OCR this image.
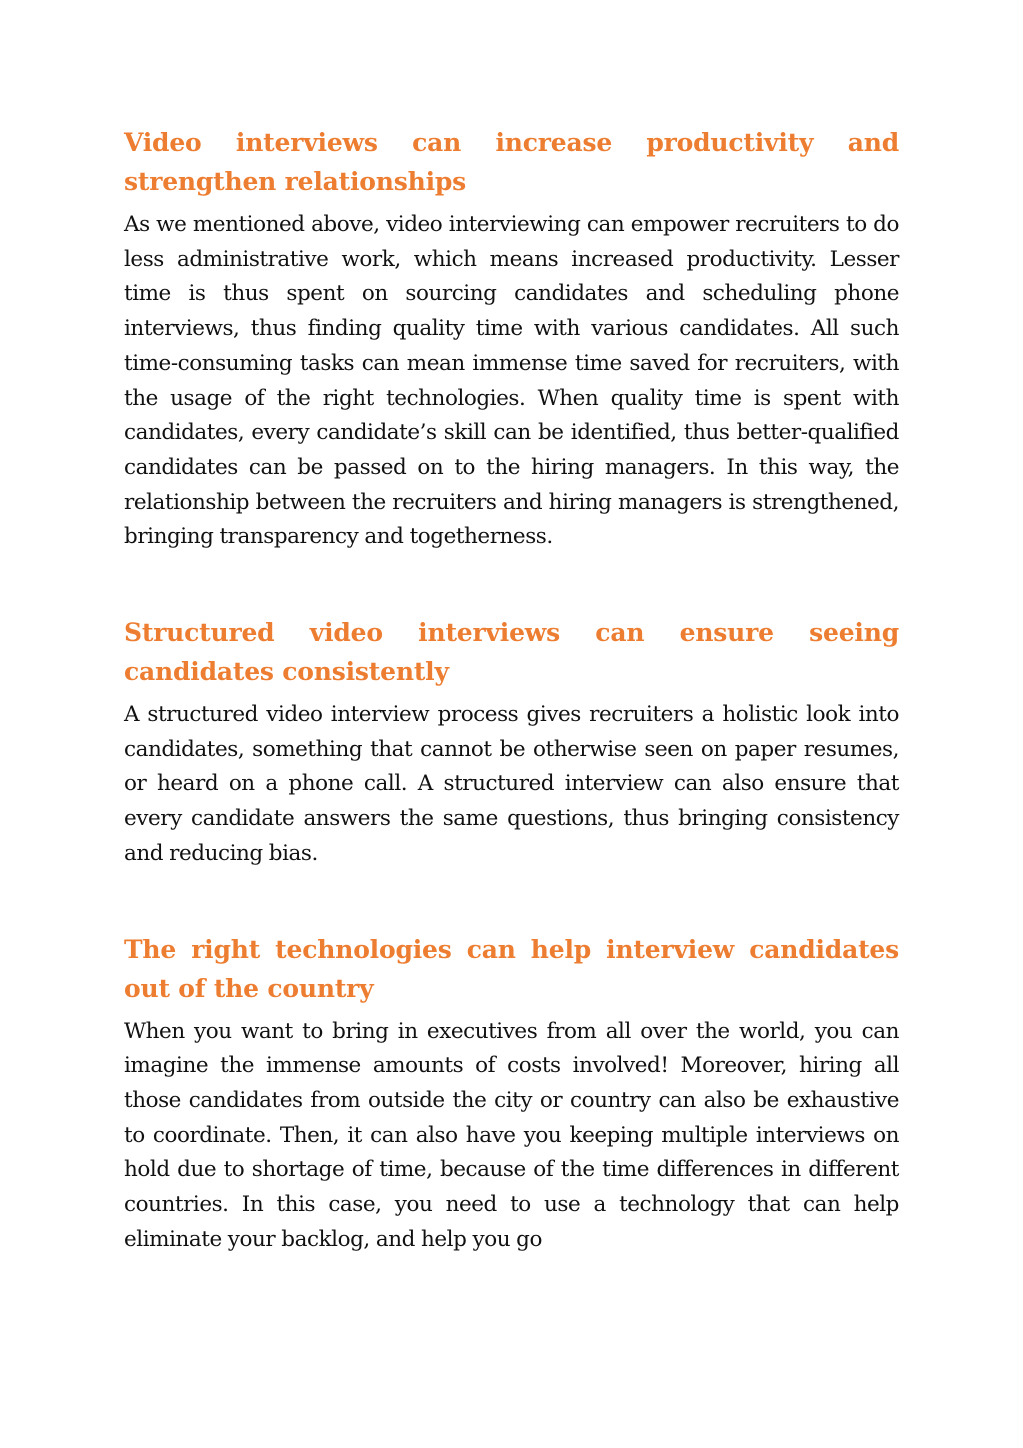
Video interviews can increase productivity and strengthen relationships

As we mentioned above, video interviewing can empower recruiters to do less administrative work, which means increased productivity. Lesser time is thus spent on sourcing candidates and scheduling phone interviews, thus finding quality time with various candidates. All such time-consuming tasks can mean immense time saved for recruiters, with the usage of the right technologies. When quality time is spent with candidates, every candidate’s skill can be identified, thus better-qualified candidates can be passed on to the hiring managers. In this way, the relationship between the recruiters and hiring managers is strengthened, bringing transparency and togetherness.

Structured video interviews can ensure seeing candidates consistently

A structured video interview process gives recruiters a holistic look into candidates, something that cannot be otherwise seen on paper resumes, or heard on a phone call. A structured interview can also ensure that every candidate answers the same questions, thus bringing consistency and reducing bias.

The right technologies can help interview candidates out of the country

When you want to bring in executives from all over the world, you can imagine the immense amounts of costs involved! Moreover, hiring all those candidates from outside the city or country can also be exhaustive to coordinate. Then, it can also have you keeping multiple interviews on hold due to shortage of time, because of the time differences in different countries. In this case, you need to use a technology that can help eliminate your backlog, and help you go
